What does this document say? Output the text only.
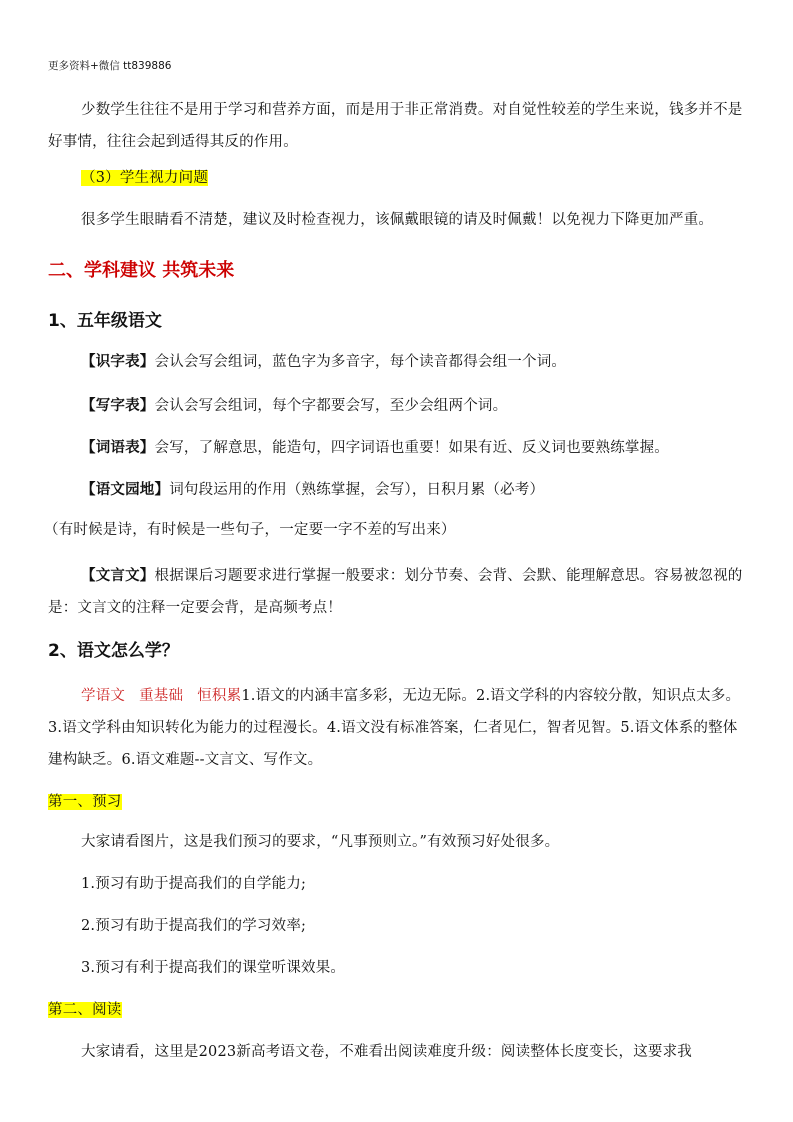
更多资料+微信 tt839886

少数学生往往不是用于学习和营养方面，而是用于非正常消费。对自觉性较差的学生来说，钱多并不是好事情，往往会起到适得其反的作用。

（3）学生视力问题

很多学生眼睛看不清楚，建议及时检查视力，该佩戴眼镜的请及时佩戴！以免视力下降更加严重。

二、学科建议 共筑未来
1、五年级语文

【识字表】会认会写会组词，蓝色字为多音字，每个读音都得会组一个词。

【写字表】会认会写会组词，每个字都要会写，至少会组两个词。

【词语表】会写，了解意思，能造句，四字词语也重要！如果有近、反义词也要熟练掌握。

【语文园地】词句段运用的作用（熟练掌握，会写），日积月累（必考）

（有时候是诗，有时候是一些句子，一定要一字不差的写出来）

【文言文】根据课后习题要求进行掌握一般要求：划分节奏、会背、会默、能理解意思。容易被忽视的是：文言文的注释一定要会背，是高频考点！

2、语文怎么学？

学语文 重基础 恒积累1.语文的内涵丰富多彩，无边无际。2.语文学科的内容较分散，知识点太多。3.语文学科由知识转化为能力的过程漫长。4.语文没有标准答案，仁者见仁，智者见智。5.语文体系的整体建构缺乏。6.语文难题--文言文、写作文。

第一、预习

大家请看图片，这是我们预习的要求，“凡事预则立。”有效预习好处很多。

1.预习有助于提高我们的自学能力;

2.预习有助于提高我们的学习效率;

3.预习有利于提高我们的课堂听课效果。

第二、阅读

大家请看，这里是2023新高考语文卷，不难看出阅读难度升级：阅读整体长度变长，这要求我
